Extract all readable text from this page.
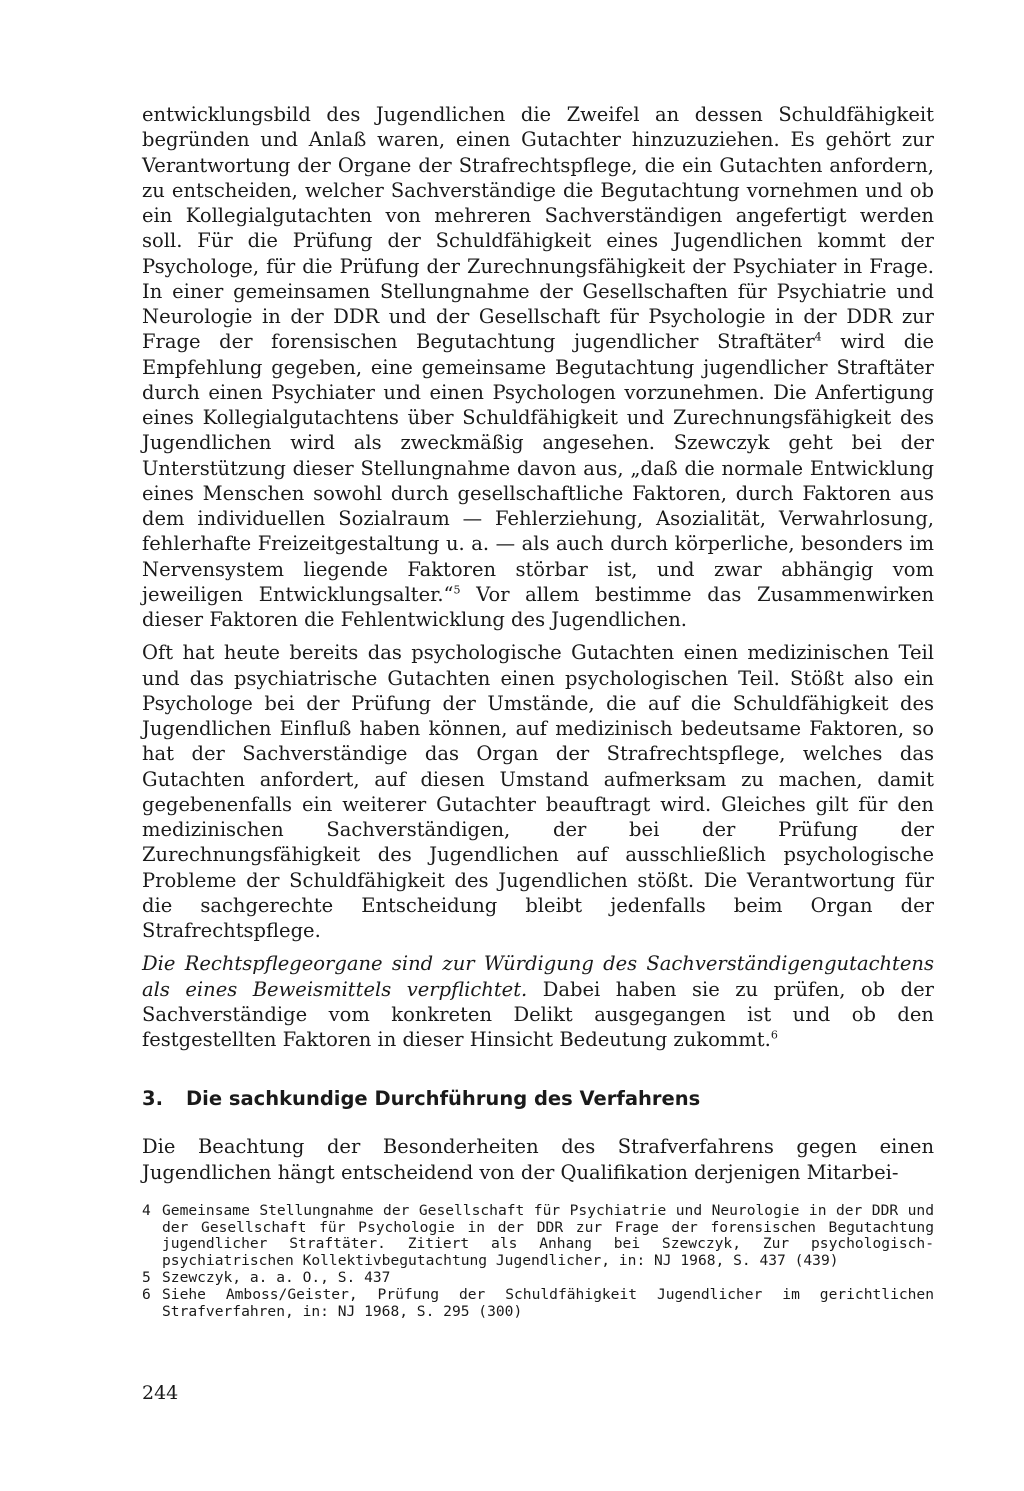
entwicklungsbild des Jugendlichen die Zweifel an dessen Schuldfähigkeit begründen und Anlaß waren, einen Gutachter hinzuzuziehen. Es gehört zur Verantwortung der Organe der Strafrechtspflege, die ein Gutachten anfordern, zu entscheiden, welcher Sachverständige die Begutachtung vornehmen und ob ein Kollegialgutachten von mehreren Sachverständigen angefertigt werden soll. Für die Prüfung der Schuldfähigkeit eines Jugendlichen kommt der Psychologe, für die Prüfung der Zurechnungsfähigkeit der Psychiater in Frage. In einer gemeinsamen Stellungnahme der Gesellschaften für Psychiatrie und Neurologie in der DDR und der Gesellschaft für Psychologie in der DDR zur Frage der forensischen Begutachtung jugendlicher Straftäter$^4$ wird die Empfehlung gegeben, eine gemeinsame Begutachtung jugendlicher Straftäter durch einen Psychiater und einen Psychologen vorzunehmen. Die Anfertigung eines Kollegialgutachtens über Schuldfähigkeit und Zurechnungsfähigkeit des Jugendlichen wird als zweckmäßig angesehen. Szewczyk geht bei der Unterstützung dieser Stellungnahme davon aus, „daß die normale Entwicklung eines Menschen sowohl durch gesellschaftliche Faktoren, durch Faktoren aus dem individuellen Sozialraum — Fehlerziehung, Asozialität, Verwahrlosung, fehlerhafte Freizeitgestaltung u. a. — als auch durch körperliche, besonders im Nervensystem liegende Faktoren störbar ist, und zwar abhängig vom jeweiligen Entwicklungsalter.“$^5$ Vor allem bestimme das Zusammenwirken dieser Faktoren die Fehlentwicklung des Jugendlichen.

Oft hat heute bereits das psychologische Gutachten einen medizinischen Teil und das psychiatrische Gutachten einen psychologischen Teil. Stößt also ein Psychologe bei der Prüfung der Umstände, die auf die Schuldfähigkeit des Jugendlichen Einfluß haben können, auf medizinisch bedeutsame Faktoren, so hat der Sachverständige das Organ der Strafrechtspflege, welches das Gutachten anfordert, auf diesen Umstand aufmerksam zu machen, damit gegebenenfalls ein weiterer Gutachter beauftragt wird. Gleiches gilt für den medizinischen Sachverständigen, der bei der Prüfung der Zurechnungsfähigkeit des Jugendlichen auf ausschließlich psychologische Probleme der Schuldfähigkeit des Jugendlichen stößt. Die Verantwortung für die sachgerechte Entscheidung bleibt jedenfalls beim Organ der Strafrechtspflege.

Die Rechtspflegeorgane sind zur Würdigung des Sachverständigengutachtens als eines Beweismittels verpflichtet. Dabei haben sie zu prüfen, ob der Sachverständige vom konkreten Delikt ausgegangen ist und ob den festgestellten Faktoren in dieser Hinsicht Bedeutung zukommt.$^6$

3. Die sachkundige Durchführung des Verfahrens

Die Beachtung der Besonderheiten des Strafverfahrens gegen einen Jugendlichen hängt entscheidend von der Qualifikation derjenigen Mitarbei-

4 Gemeinsame Stellungnahme der Gesellschaft für Psychiatrie und Neurologie in der DDR und der Gesellschaft für Psychologie in der DDR zur Frage der forensischen Begutachtung jugendlicher Straftäter. Zitiert als Anhang bei Szewczyk, Zur psychologisch-psychiatrischen Kollektivbegutachtung Jugendlicher, in: NJ 1968, S. 437 (439)
5 Szewczyk, a. a. O., S. 437
6 Siehe Amboss/Geister, Prüfung der Schuldfähigkeit Jugendlicher im gerichtlichen Strafverfahren, in: NJ 1968, S. 295 (300)
244
